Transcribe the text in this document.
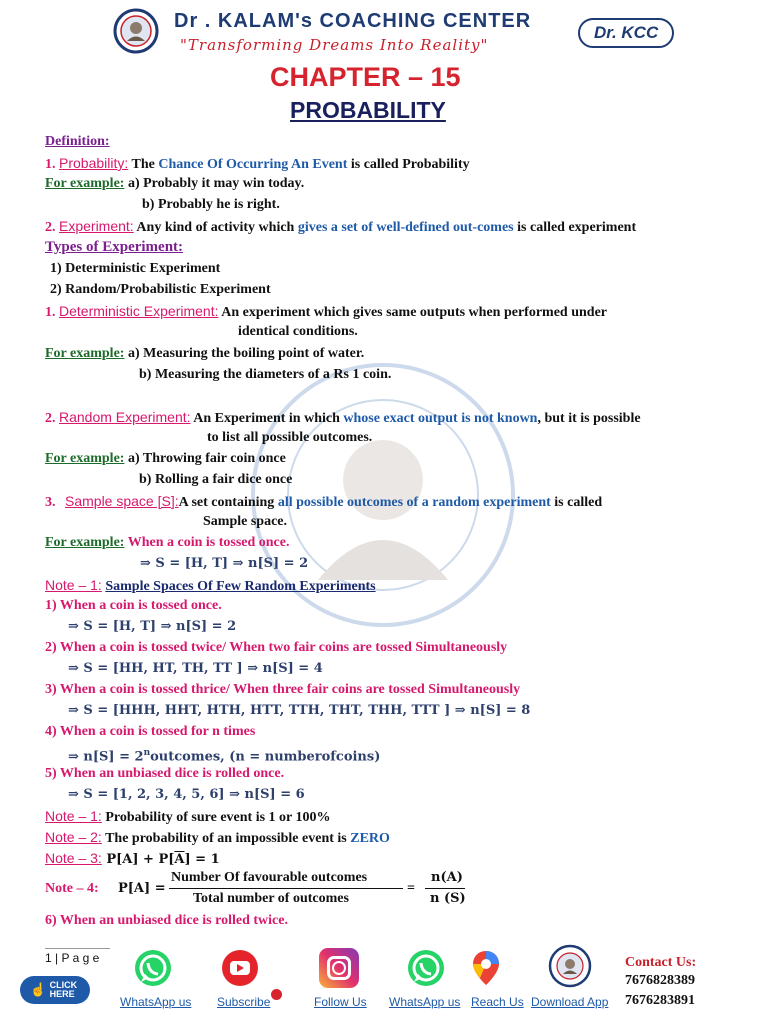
Dr . KALAM's COACHING CENTER
"Transforming Dreams Into Reality"
Dr. KCC
CHAPTER – 15
PROBABILITY
Definition:
1. Probability: The Chance Of Occurring An Event is called Probability
For example: a) Probably it may win today.
b) Probably he is right.
2. Experiment: Any kind of activity which gives a set of well-defined out-comes is called experiment
Types of Experiment:
1) Deterministic Experiment
2) Random/Probabilistic Experiment
1. Deterministic Experiment: An experiment which gives same outputs when performed under
identical conditions.
For example: a) Measuring the boiling point of water.
b) Measuring the diameters of a Rs 1 coin.
2. Random Experiment: An Experiment in which whose exact output is not known, but it is possible
to list all possible outcomes.
For example: a) Throwing fair coin once
b) Rolling a fair dice once
3. Sample space [S]:A set containing all possible outcomes of a random experiment is called
Sample space.
For example: When a coin is tossed once.
⇒ S = [H, T] ⇒ n[S] = 2
Note – 1: Sample Spaces Of Few Random Experiments
1) When a coin is tossed once.
⇒ S = [H, T] ⇒ n[S] = 2
2) When a coin is tossed twice/ When two fair coins are tossed Simultaneously
⇒ S = [HH, HT, TH, TT ] ⇒ n[S] = 4
3) When a coin is tossed thrice/ When three fair coins are tossed Simultaneously
⇒ S = [HHH, HHT, HTH, HTT, TTH, THT, THH, TTT ] ⇒ n[S] = 8
4) When a coin is tossed for n times
⇒ $n[S] = 2^noutcomes$, (n = numberofcoins)
5) When an unbiased dice is rolled once.
⇒ S = [1, 2, 3, 4, 5, 6] ⇒ n[S] = 6
Note – 1: Probability of sure event is 1 or 100%
Note – 2: The probability of an impossible event is ZERO
Note – 3: $P[A] + P[\overline{A}] = 1$
Note – 4: P[A] =
Number Of favourable outcomes
Total number of outcomes
=
n(A)
n (S)
6) When an unbiased dice is rolled twice.
1 | P a g e
☝ CLICK HERE
WhatsApp us Subscribe	Follow Us WhatsApp us Reach Us Download App
Contact Us:
7676828389
7676283891
